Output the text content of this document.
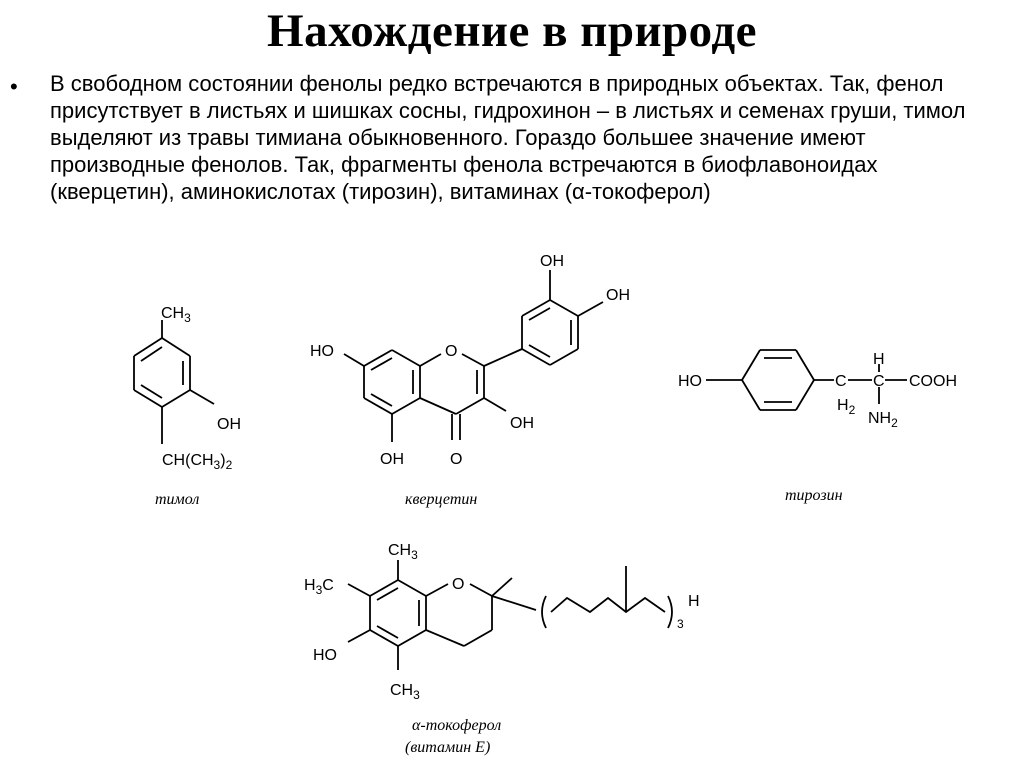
Нахождение в природе
• В свободном состоянии фенолы редко встречаются в природных объектах. Так, фенол присутствует в листьях и шишках сосны, гидрохинон – в листьях и семенах груши, тимол выделяют из травы тимиана обыкновенного. Гораздо большее значение имеют производные фенолов. Так, фрагменты фенола встречаются в биофлавоноидах (кверцетин), аминокислотах (тирозин), витаминах (α-токоферол)

$CH_3$
OH
$CH(CH_3)_2$
тимол
OH
OH
HO	O
OH
OH	O
кверцетин
HO	C
$H_2$
C
H
COOH
$NH_2$
тирозин
$CH_3$
$H_3C$
HO
O
$CH_3$
3
H
α-токоферол
(витамин Е)
